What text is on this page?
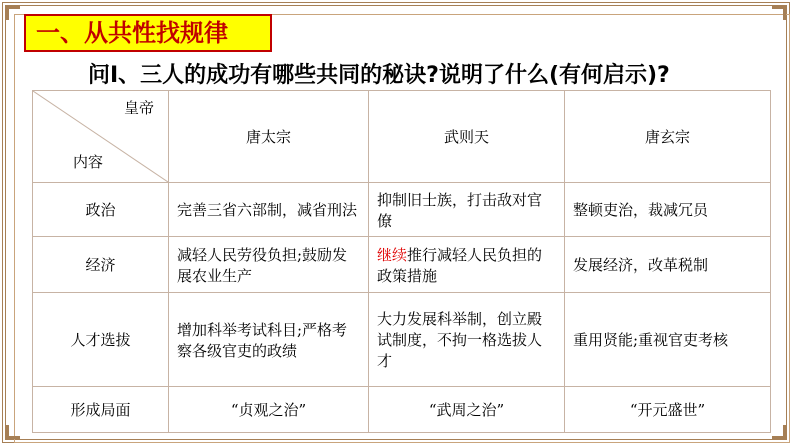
一、从共性找规律
问I、三人的成功有哪些共同的秘诀?说明了什么(有何启示)?
皇帝
内容	唐太宗	武则天	唐玄宗
政治	完善三省六部制，减省刑法	抑制旧士族，打击敌对官僚	整顿吏治，裁减冗员
经济	减轻人民劳役负担;鼓励发展农业生产	继续推行减轻人民负担的政策措施	发展经济，改革税制
人才选拔	增加科举考试科目;严格考察各级官吏的政绩	大力发展科举制，创立殿试制度，不拘一格选拔人才	重用贤能;重视官吏考核
形成局面	“贞观之治”	“武周之治”	“开元盛世”
